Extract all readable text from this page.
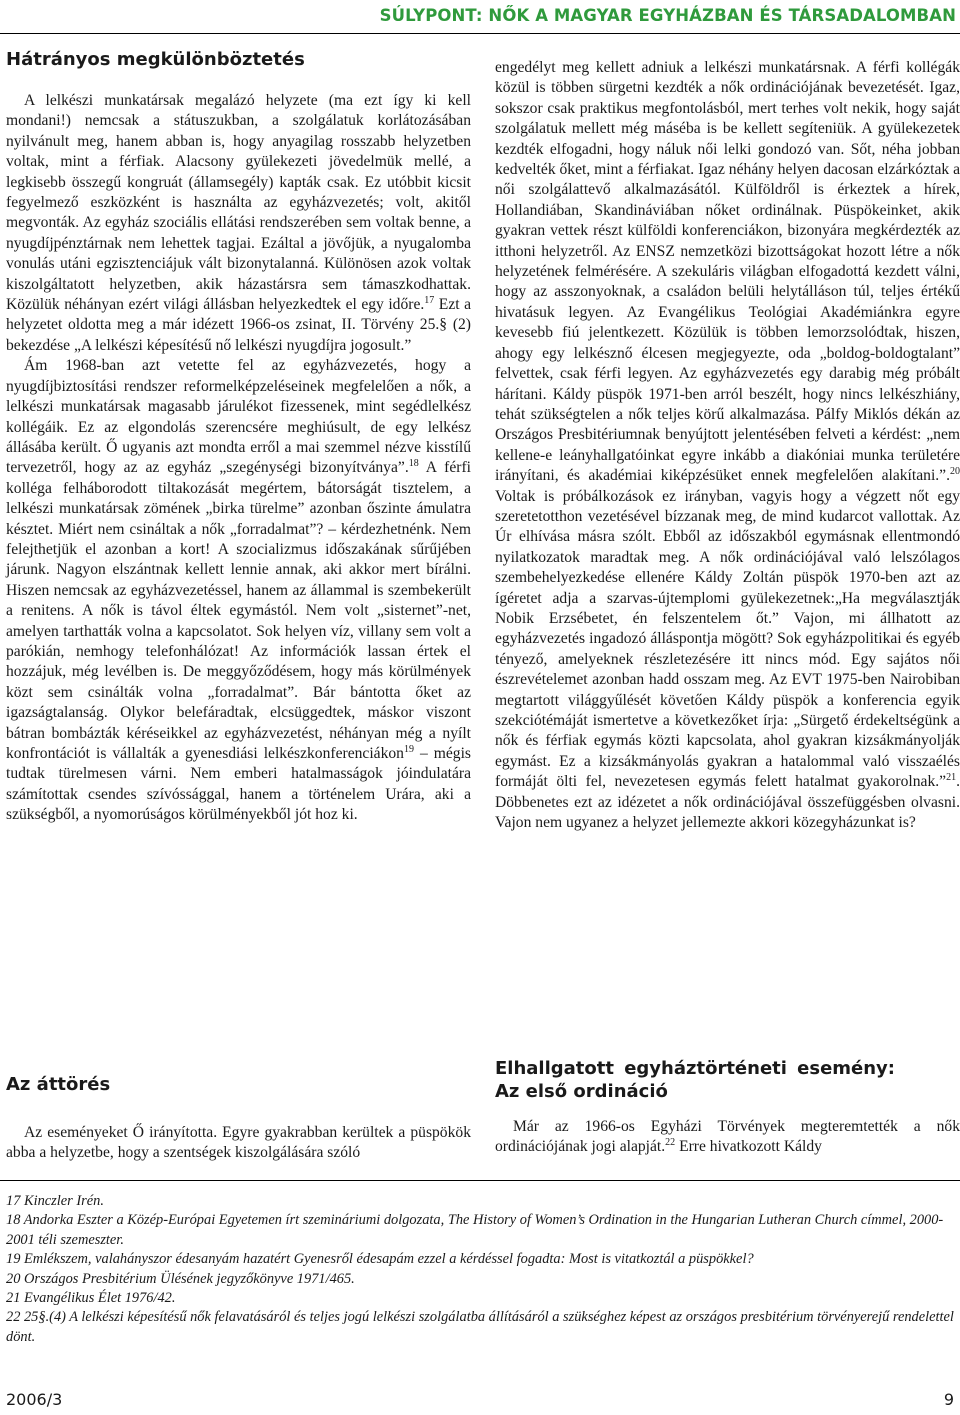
SÚLYPONT: NŐK A MAGYAR EGYHÁZBAN ÉS TÁRSADALOMBAN
Hátrányos megkülönböztetés

A lelkészi munkatársak megalázó helyzete (ma ezt így ki kell mondani!) nemcsak a státuszukban, a szolgálatuk korlátozásában nyilvánult meg, hanem abban is, hogy anyagilag rosszabb helyzetben voltak, mint a férfiak. Alacsony gyülekezeti jövedelmük mellé, a legkisebb összegű kongruát (államsegély) kapták csak. Ez utóbbit kicsit fegyelmező eszközként is használta az egyházvezetés; volt, akitől megvonták. Az egyház szociális ellátási rendszerében sem voltak benne, a nyugdíjpénztárnak nem lehettek tagjai. Ezáltal a jövőjük, a nyugalomba vonulás utáni egzisztenciájuk vált bizonytalanná. Különösen azok voltak kiszolgáltatott helyzetben, akik házastársra sem támaszkodhattak. Közülük néhányan ezért világi állásban helyezkedtek el egy időre.$^{17}$ Ezt a helyzetet oldotta meg a már idézett 1966-os zsinat, II. Törvény 25.§ (2) bekezdése „A lelkészi képesítésű nő lelkészi nyugdíjra jogosult.”

Ám 1968-ban azt vetette fel az egyházvezetés, hogy a nyugdíjbiztosítási rendszer reformelképzeléseinek megfelelően a nők, a lelkészi munkatársak magasabb járulékot fizessenek, mint segédlelkész kollégáik. Ez az elgondolás szerencsére meghiúsult, de egy lelkész állásába került. Ő ugyanis azt mondta erről a mai szemmel nézve kisstílű tervezetről, hogy az az egyház „szegénységi bizonyítványa”.$^{18}$ A férfi kolléga felháborodott tiltakozását megértem, bátorságát tisztelem, a lelkészi munkatársak zömének „birka türelme” azonban őszinte ámulatra késztet. Miért nem csináltak a nők „forradalmat”? – kérdezhetnénk. Nem felejthetjük el azonban a kort! A szocializmus időszakának sűrűjében járunk. Nagyon elszántnak kellett lennie annak, aki akkor mert bírálni. Hiszen nemcsak az egyházvezetéssel, hanem az állammal is szembekerült a renitens. A nők is távol éltek egymástól. Nem volt „sisternet”-net, amelyen tarthatták volna a kapcsolatot. Sok helyen víz, villany sem volt a parókián, nemhogy telefonhálózat! Az információk lassan értek el hozzájuk, még levélben is. De meggyőződésem, hogy más körülmények közt sem csinálták volna „forradalmat”. Bár bántotta őket az igazságtalanság. Olykor belefáradtak, elcsüggedtek, máskor viszont bátran bombázták kéréseikkel az egyházvezetést, néhányan még a nyílt konfrontációt is vállalták a gyenesdiási lelkészkonferenciákon$^{19}$ – mégis tudtak türelmesen várni. Nem emberi hatalmasságok jóindulatára számítottak csendes szívóssággal, hanem a történelem Urára, aki a szükségből, a nyomorúságos körülményekből jót hoz ki.

Az áttörés

Az eseményeket Ő irányította. Egyre gyakrabban kerültek a püspökök abba a helyzetbe, hogy a szentségek kiszolgálására szóló

engedélyt meg kellett adniuk a lelkészi munkatársnak. A férfi kollégák közül is többen sürgetni kezdték a nők ordinációjának bevezetését. Igaz, sokszor csak praktikus megfontolásból, mert terhes volt nekik, hogy saját szolgálatuk mellett még máséba is be kellett segíteniük. A gyülekezetek kezdték elfogadni, hogy náluk női lelki gondozó van. Sőt, néha jobban kedvelték őket, mint a férfiakat. Igaz néhány helyen dacosan elzárkóztak a női szolgálattevő alkalmazásától. Külföldről is érkeztek a hírek, Hollandiában, Skandináviában nőket ordinálnak. Püspökeinket, akik gyakran vettek részt külföldi konferenciákon, bizonyára megkérdezték az itthoni helyzetről. Az ENSZ nemzetközi bizottságokat hozott létre a nők helyzetének felmérésére. A szekuláris világban elfogadottá kezdett válni, hogy az asszonyoknak, a családon belüli helytálláson túl, teljes értékű hivatásuk legyen. Az Evangélikus Teológiai Akadémiánkra egyre kevesebb fiú jelentkezett. Közülük is többen lemorzsolódtak, hiszen, ahogy egy lelkésznő élcesen megjegyezte, oda „boldog-boldogtalant” felvettek, csak férfi legyen. Az egyházvezetés egy darabig még próbált hárítani. Káldy püspök 1971-ben arról beszélt, hogy nincs lelkészhiány, tehát szükségtelen a nők teljes körű alkalmazása. Pálfy Miklós dékán az Országos Presbitériumnak benyújtott jelentésében felveti a kérdést: „nem kellene-e leányhallgatóinkat egyre inkább a diakóniai munka területére irányítani, és akadémiai kiképzésüket ennek megfelelően alakítani.”.$^{20}$ Voltak is próbálkozások ez irányban, vagyis hogy a végzett nőt egy szeretetotthon vezetésével bízzanak meg, de mind kudarcot vallottak. Az Úr elhívása másra szólt. Ebből az időszakból egymásnak ellentmondó nyilatkozatok maradtak meg. A nők ordinációjával való lelszólagos szembehelyezkedése ellenére Káldy Zoltán püspök 1970-ben azt az ígéretet adja a szarvas-újtemplomi gyülekezetnek:„Ha megválasztják Nobik Erzsébetet, én felszentelem őt.” Vajon, mi állhatott az egyházvezetés ingadozó álláspontja mögött? Sok egyházpolitikai és egyéb tényező, amelyeknek részletezésére itt nincs mód. Egy sajátos női észrevételemet azonban hadd osszam meg. Az EVT 1975-ben Nairobiban megtartott világgyűlését követően Káldy püspök a konferencia egyik szekciótémáját ismertetve a következőket írja: „Sürgető érdekeltségünk a nők és férfiak egymás közti kapcsolata, ahol gyakran kizsákmányolják egymást. Ez a kizsákmányolás gyakran a hatalommal való visszaélés formáját ölti fel, nevezetesen egymás felett hatalmat gyakorolnak.”$^{21}$. Döbbenetes ezt az idézetet a nők ordinációjával összefüggésben olvasni. Vajon nem ugyanez a helyzet jellemezte akkori közegyházunkat is?

Elhallgatott egyháztörténeti esemény: Az első ordináció

Már az 1966-os Egyházi Törvények megteremtették a nők ordinációjának jogi alapját.$^{22}$ Erre hivatkozott Káldy

17 Kinczler Irén.
18 Andorka Eszter a Közép-Európai Egyetemen írt szemináriumi dolgozata, The History of Women’s Ordination in the Hungarian Lutheran Church címmel, 2000-2001 téli szemeszter.
19 Emlékszem, valahányszor édesanyám hazatért Gyenesről édesapám ezzel a kérdéssel fogadta: Most is vitatkoztál a püspökkel?
20 Országos Presbitérium Ülésének jegyzőkönyve 1971/465.
21 Evangélikus Élet 1976/42.
22 25§.(4) A lelkészi képesítésű nők felavatásáról és teljes jogú lelkészi szolgálatba állításáról a szükséghez képest az országos presbitérium törvényerejű rendelettel dönt.
2006/3	9
